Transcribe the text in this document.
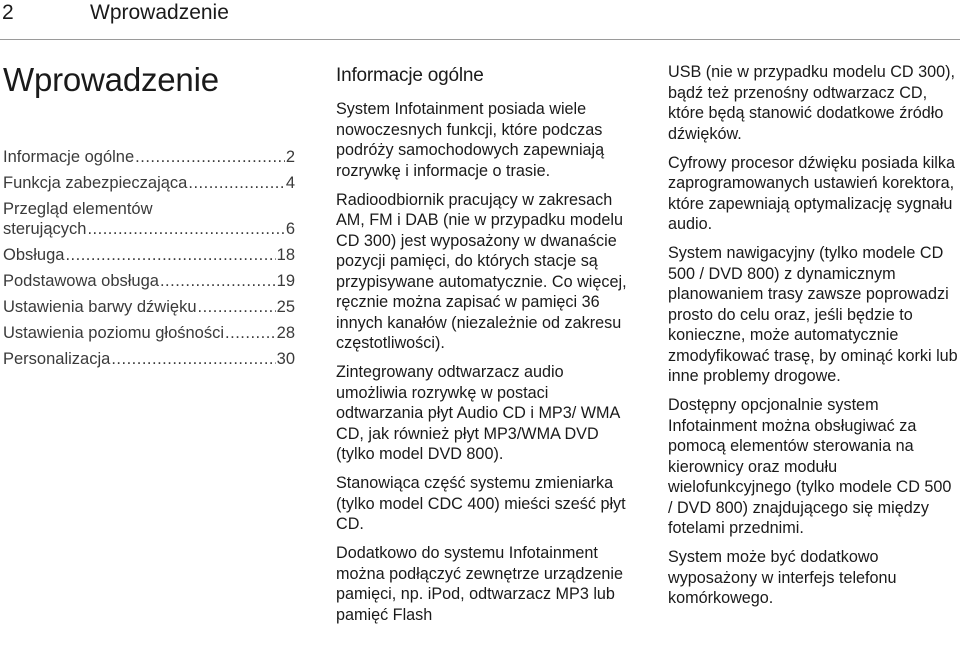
2	Wprowadzenie
Wprowadzenie
Informacje ogólne .....	2
Funkcja zabezpieczająca .....	4
Przegląd elementów
sterujących .....	6
Obsługa .....	18
Podstawowa obsługa .....	19
Ustawienia barwy dźwięku .....	25
Ustawienia poziomu głośności .....	28
Personalizacja .....	30
Informacje ogólne

System Infotainment posiada wiele nowoczesnych funkcji, które podczas podróży samochodowych zapewniają rozrywkę i informacje o trasie.

Radioodbiornik pracujący w zakresach AM, FM i DAB (nie w przypadku modelu CD 300) jest wyposażony w dwanaście pozycji pamięci, do których stacje są przypisywane automatycznie. Co więcej, ręcznie można zapisać w pamięci 36 innych kanałów (niezależnie od zakresu częstotliwości).

Zintegrowany odtwarzacz audio umożliwia rozrywkę w postaci odtwarzania płyt Audio CD i MP3/ WMA CD, jak również płyt MP3/WMA DVD (tylko model DVD 800).

Stanowiąca część systemu zmieniarka (tylko model CDC 400) mieści sześć płyt CD.

Dodatkowo do systemu Infotainment można podłączyć zewnętrze urządzenie pamięci, np. iPod, odtwarzacz MP3 lub pamięć Flash

USB (nie w przypadku modelu CD 300), bądź też przenośny odtwarzacz CD, które będą stanowić dodatkowe źródło dźwięków.

Cyfrowy procesor dźwięku posiada kilka zaprogramowanych ustawień korektora, które zapewniają optymalizację sygnału audio.

System nawigacyjny (tylko modele CD 500 / DVD 800) z dynamicznym planowaniem trasy zawsze poprowadzi prosto do celu oraz, jeśli będzie to konieczne, może automatycznie zmodyfikować trasę, by ominąć korki lub inne problemy drogowe.

Dostępny opcjonalnie system Infotainment można obsługiwać za pomocą elementów sterowania na kierownicy oraz modułu wielofunkcyjnego (tylko modele CD 500 / DVD 800) znajdującego się między fotelami przednimi.

System może być dodatkowo wyposażony w interfejs telefonu komórkowego.
